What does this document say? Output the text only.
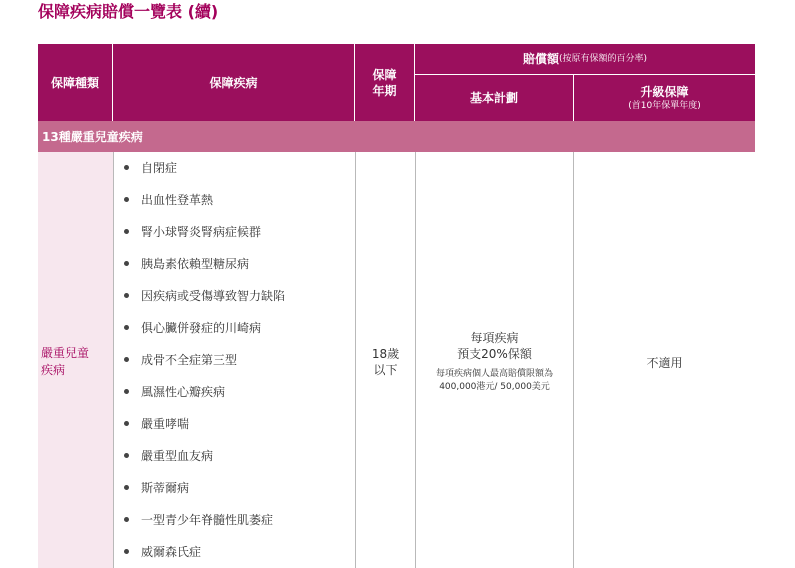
保障疾病賠償一覽表 (續)
保障種類	保障疾病
保障
年期
賠償額 (按原有保額的百分率)
基本計劃	升級保障
(首10年保單年度)
13種嚴重兒童疾病
嚴重兒童
疾病
自閉症
出血性登革熱
腎小球腎炎腎病症候群
胰島素依賴型糖尿病
因疾病或受傷導致智力缺陷
俱心臟併發症的川崎病
成骨不全症第三型
風濕性心瓣疾病
嚴重哮喘
嚴重型血友病
斯蒂爾病
一型青少年脊髓性肌萎症
威爾森氏症
18歲
以下
每項疾病
預支20%保額
每項疾病個人最高賠償限額為
400,000港元/ 50,000美元
不適用
